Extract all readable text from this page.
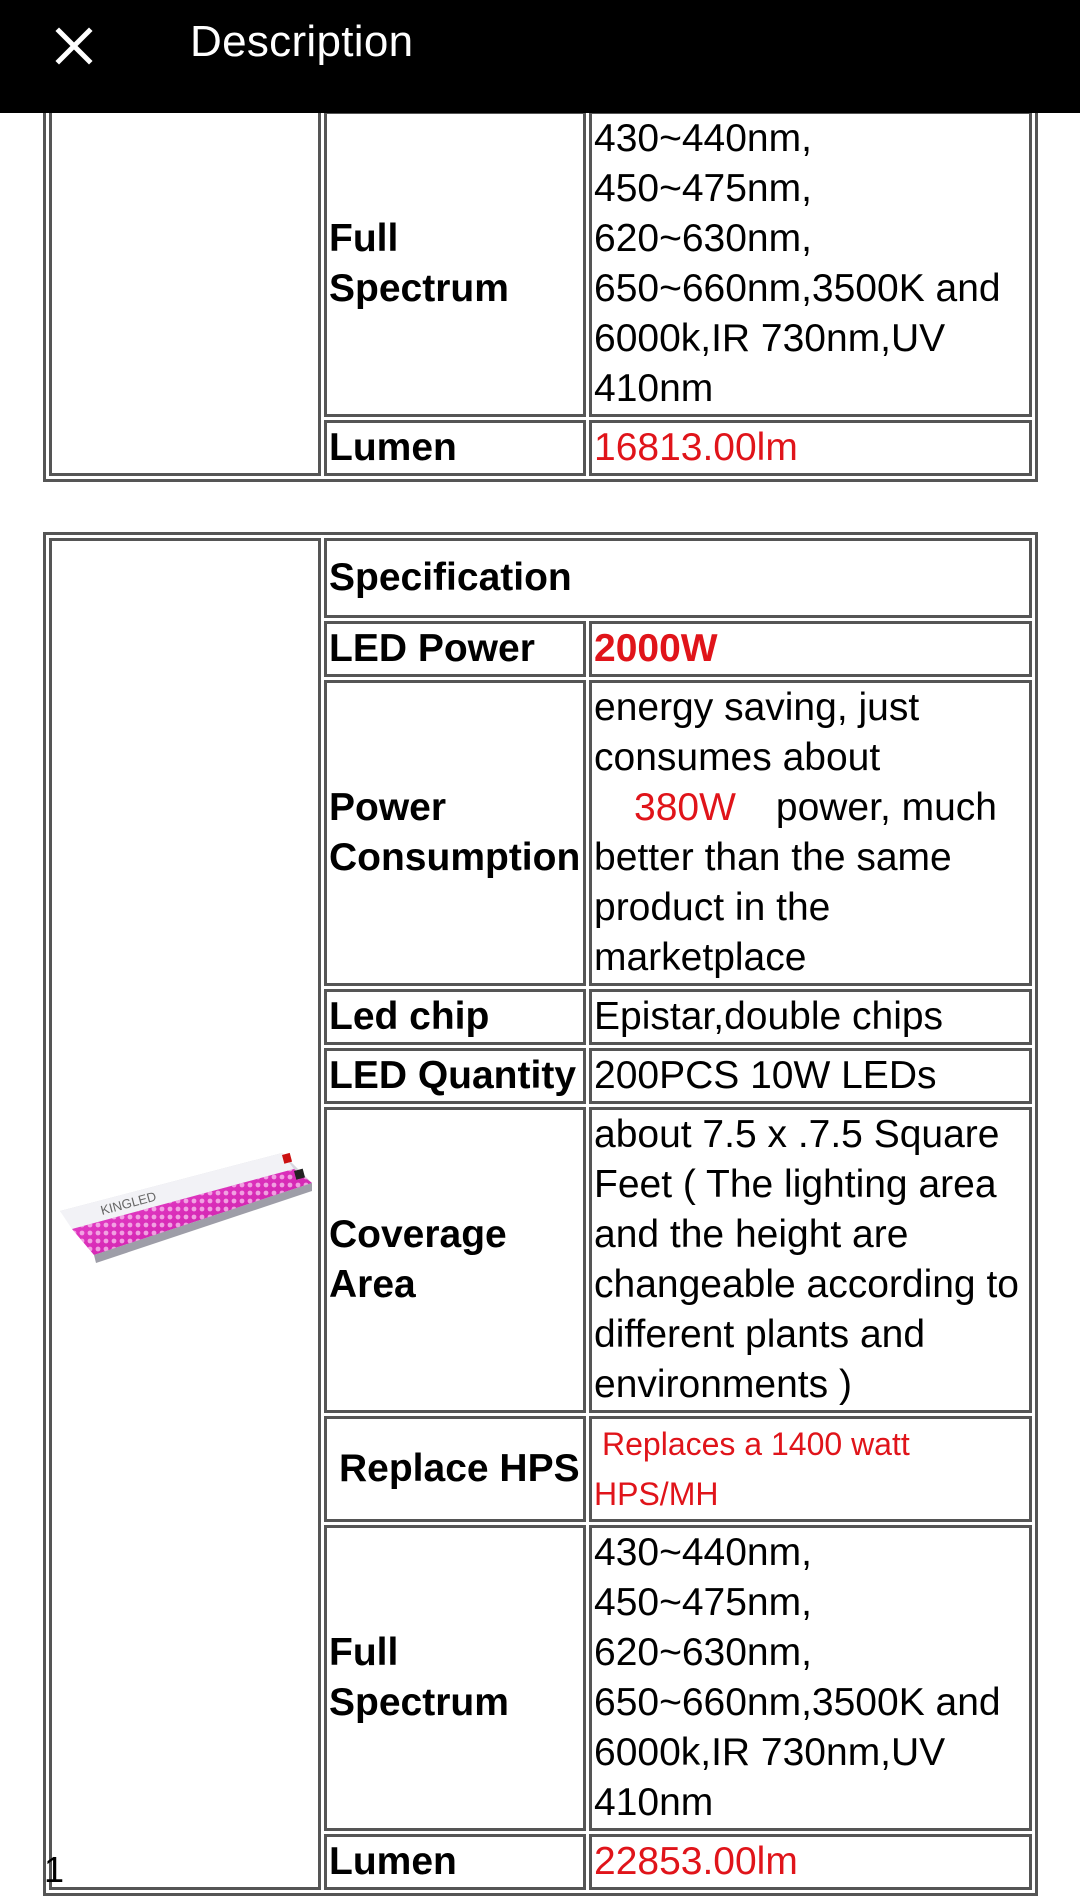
	Full Spectrum	430~440nm, 450~475nm, 620~630nm, 650~660nm,3500K and 6000k,IR 730nm,UV 410nm
	Lumen	16813.00lm
KINGLED	Specification	
	LED Power	2000W
	Power Consumption	energy saving, just consumes about 380W power, much better than the same product in the marketplace
	Led chip	Epistar,double chips
	LED Quantity	200PCS 10W LEDs
	Coverage Area	about 7.5 x .7.5 Square Feet ( The lighting area and the height are changeable according to different plants and environments )
	Replace HPS	Replaces a 1400 watt HPS/MH
	Full Spectrum	430~440nm, 450~475nm, 620~630nm, 650~660nm,3500K and 6000k,IR 730nm,UV 410nm
	Lumen	22853.00lm
1
Description
